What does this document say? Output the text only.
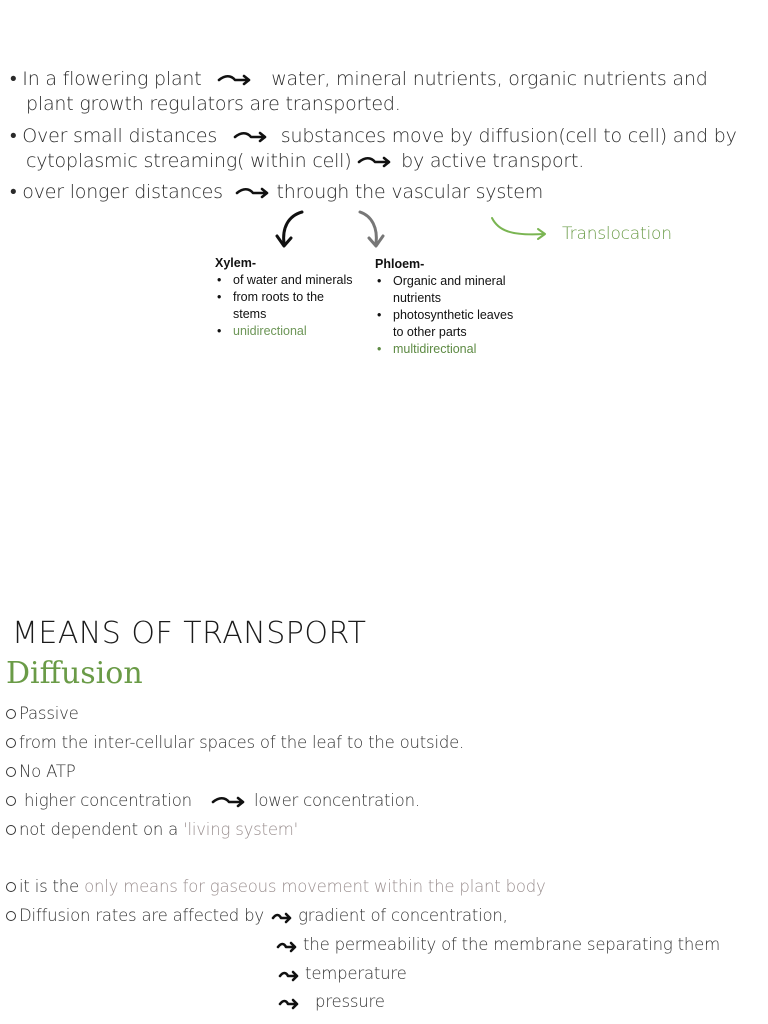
• In a flowering plant	water, mineral nutrients, organic nutrients and
plant growth regulators are transported.
• Over small distances	substances move by diffusion(cell to cell) and by
cytoplasmic streaming( within cell)	by active transport.
• over longer distances	through the vascular system
Translocation
Xylem-
• of water and minerals
• from roots to the stems
• unidirectional
Phloem-
• Organic and mineral nutrients
• photosynthetic leaves to other parts
• multidirectional
MEANS OF TRANSPORT
Diffusion
Passive
from the inter-cellular spaces of the leaf to the outside.
No ATP
higher concentration	lower concentration.
not dependent on a 'living system'
it is the only means for gaseous movement within the plant body
Diffusion rates are affected by gradient of concentration,
the permeability of the membrane separating them
temperature
pressure
